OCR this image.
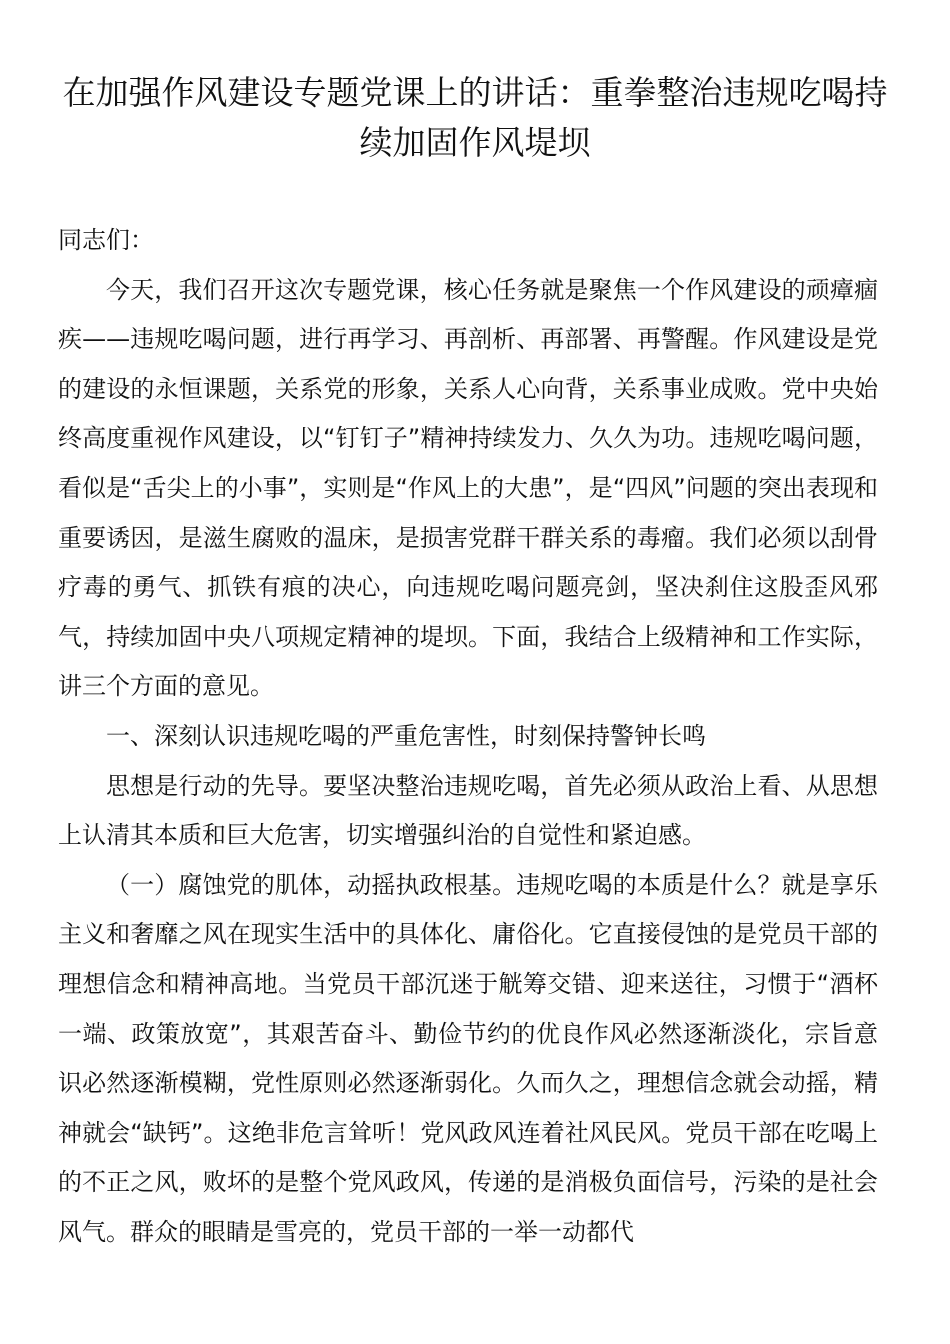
在加强作风建设专题党课上的讲话：重拳整治违规吃喝持续加固作风堤坝

同志们：

今天，我们召开这次专题党课，核心任务就是聚焦一个作风建设的顽瘴痼疾——违规吃喝问题，进行再学习、再剖析、再部署、再警醒。作风建设是党的建设的永恒课题，关系党的形象，关系人心向背，关系事业成败。党中央始终高度重视作风建设，以“钉钉子”精神持续发力、久久为功。违规吃喝问题，看似是“舌尖上的小事”，实则是“作风上的大患”，是“四风”问题的突出表现和重要诱因，是滋生腐败的温床，是损害党群干群关系的毒瘤。我们必须以刮骨疗毒的勇气、抓铁有痕的决心，向违规吃喝问题亮剑，坚决刹住这股歪风邪气，持续加固中央八项规定精神的堤坝。下面，我结合上级精神和工作实际，讲三个方面的意见。

一、深刻认识违规吃喝的严重危害性，时刻保持警钟长鸣

思想是行动的先导。要坚决整治违规吃喝，首先必须从政治上看、从思想上认清其本质和巨大危害，切实增强纠治的自觉性和紧迫感。

（一）腐蚀党的肌体，动摇执政根基。违规吃喝的本质是什么？就是享乐主义和奢靡之风在现实生活中的具体化、庸俗化。它直接侵蚀的是党员干部的理想信念和精神高地。当党员干部沉迷于觥筹交错、迎来送往，习惯于“酒杯一端、政策放宽”，其艰苦奋斗、勤俭节约的优良作风必然逐渐淡化，宗旨意识必然逐渐模糊，党性原则必然逐渐弱化。久而久之，理想信念就会动摇，精神就会“缺钙”。这绝非危言耸听！党风政风连着社风民风。党员干部在吃喝上的不正之风，败坏的是整个党风政风，传递的是消极负面信号，污染的是社会风气。群众的眼睛是雪亮的，党员干部的一举一动都代
